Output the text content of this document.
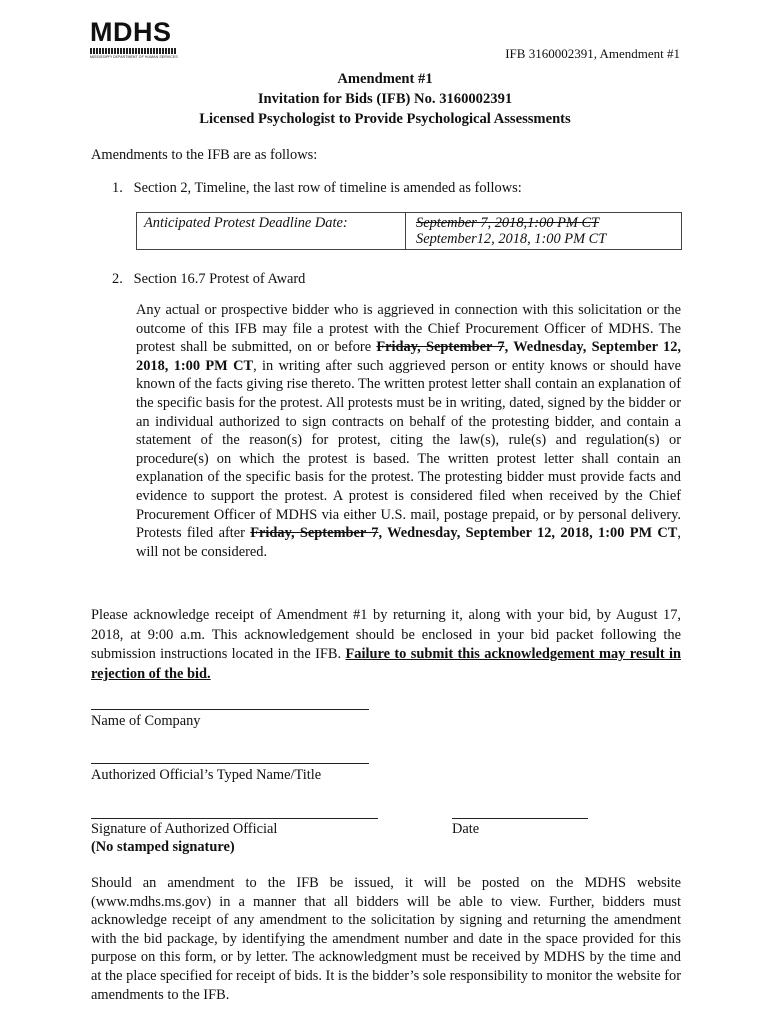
MDHS
MISSISSIPPI DEPARTMENT OF HUMAN SERVICES	IFB 3160002391, Amendment #1
Amendment #1
Invitation for Bids (IFB) No. 3160002391
Licensed Psychologist to Provide Psychological Assessments
Amendments to the IFB are as follows:
1. Section 2, Timeline, the last row of timeline is amended as follows:
Anticipated Protest Deadline Date:	September 7, 2018,1:00 PM CT
September12, 2018, 1:00 PM CT
2. Section 16.7 Protest of Award
Any actual or prospective bidder who is aggrieved in connection with this solicitation or the outcome of this IFB may file a protest with the Chief Procurement Officer of MDHS. The protest shall be submitted, on or before Friday, September 7, Wednesday, September 12, 2018, 1:00 PM CT, in writing after such aggrieved person or entity knows or should have known of the facts giving rise thereto. The written protest letter shall contain an explanation of the specific basis for the protest. All protests must be in writing, dated, signed by the bidder or an individual authorized to sign contracts on behalf of the protesting bidder, and contain a statement of the reason(s) for protest, citing the law(s), rule(s) and regulation(s) or procedure(s) on which the protest is based. The written protest letter shall contain an explanation of the specific basis for the protest. The protesting bidder must provide facts and evidence to support the protest. A protest is considered filed when received by the Chief Procurement Officer of MDHS via either U.S. mail, postage prepaid, or by personal delivery. Protests filed after Friday, September 7, Wednesday, September 12, 2018, 1:00 PM CT, will not be considered.
Please acknowledge receipt of Amendment #1 by returning it, along with your bid, by August 17, 2018, at 9:00 a.m. This acknowledgement should be enclosed in your bid packet following the submission instructions located in the IFB. Failure to submit this acknowledgement may result in rejection of the bid.
Name of Company
Authorized Official’s Typed Name/Title
Signature of Authorized Official
(No stamped signature)
Date
Should an amendment to the IFB be issued, it will be posted on the MDHS website (www.mdhs.ms.gov) in a manner that all bidders will be able to view. Further, bidders must acknowledge receipt of any amendment to the solicitation by signing and returning the amendment with the bid package, by identifying the amendment number and date in the space provided for this purpose on this form, or by letter. The acknowledgment must be received by MDHS by the time and at the place specified for receipt of bids. It is the bidder’s sole responsibility to monitor the website for amendments to the IFB.
